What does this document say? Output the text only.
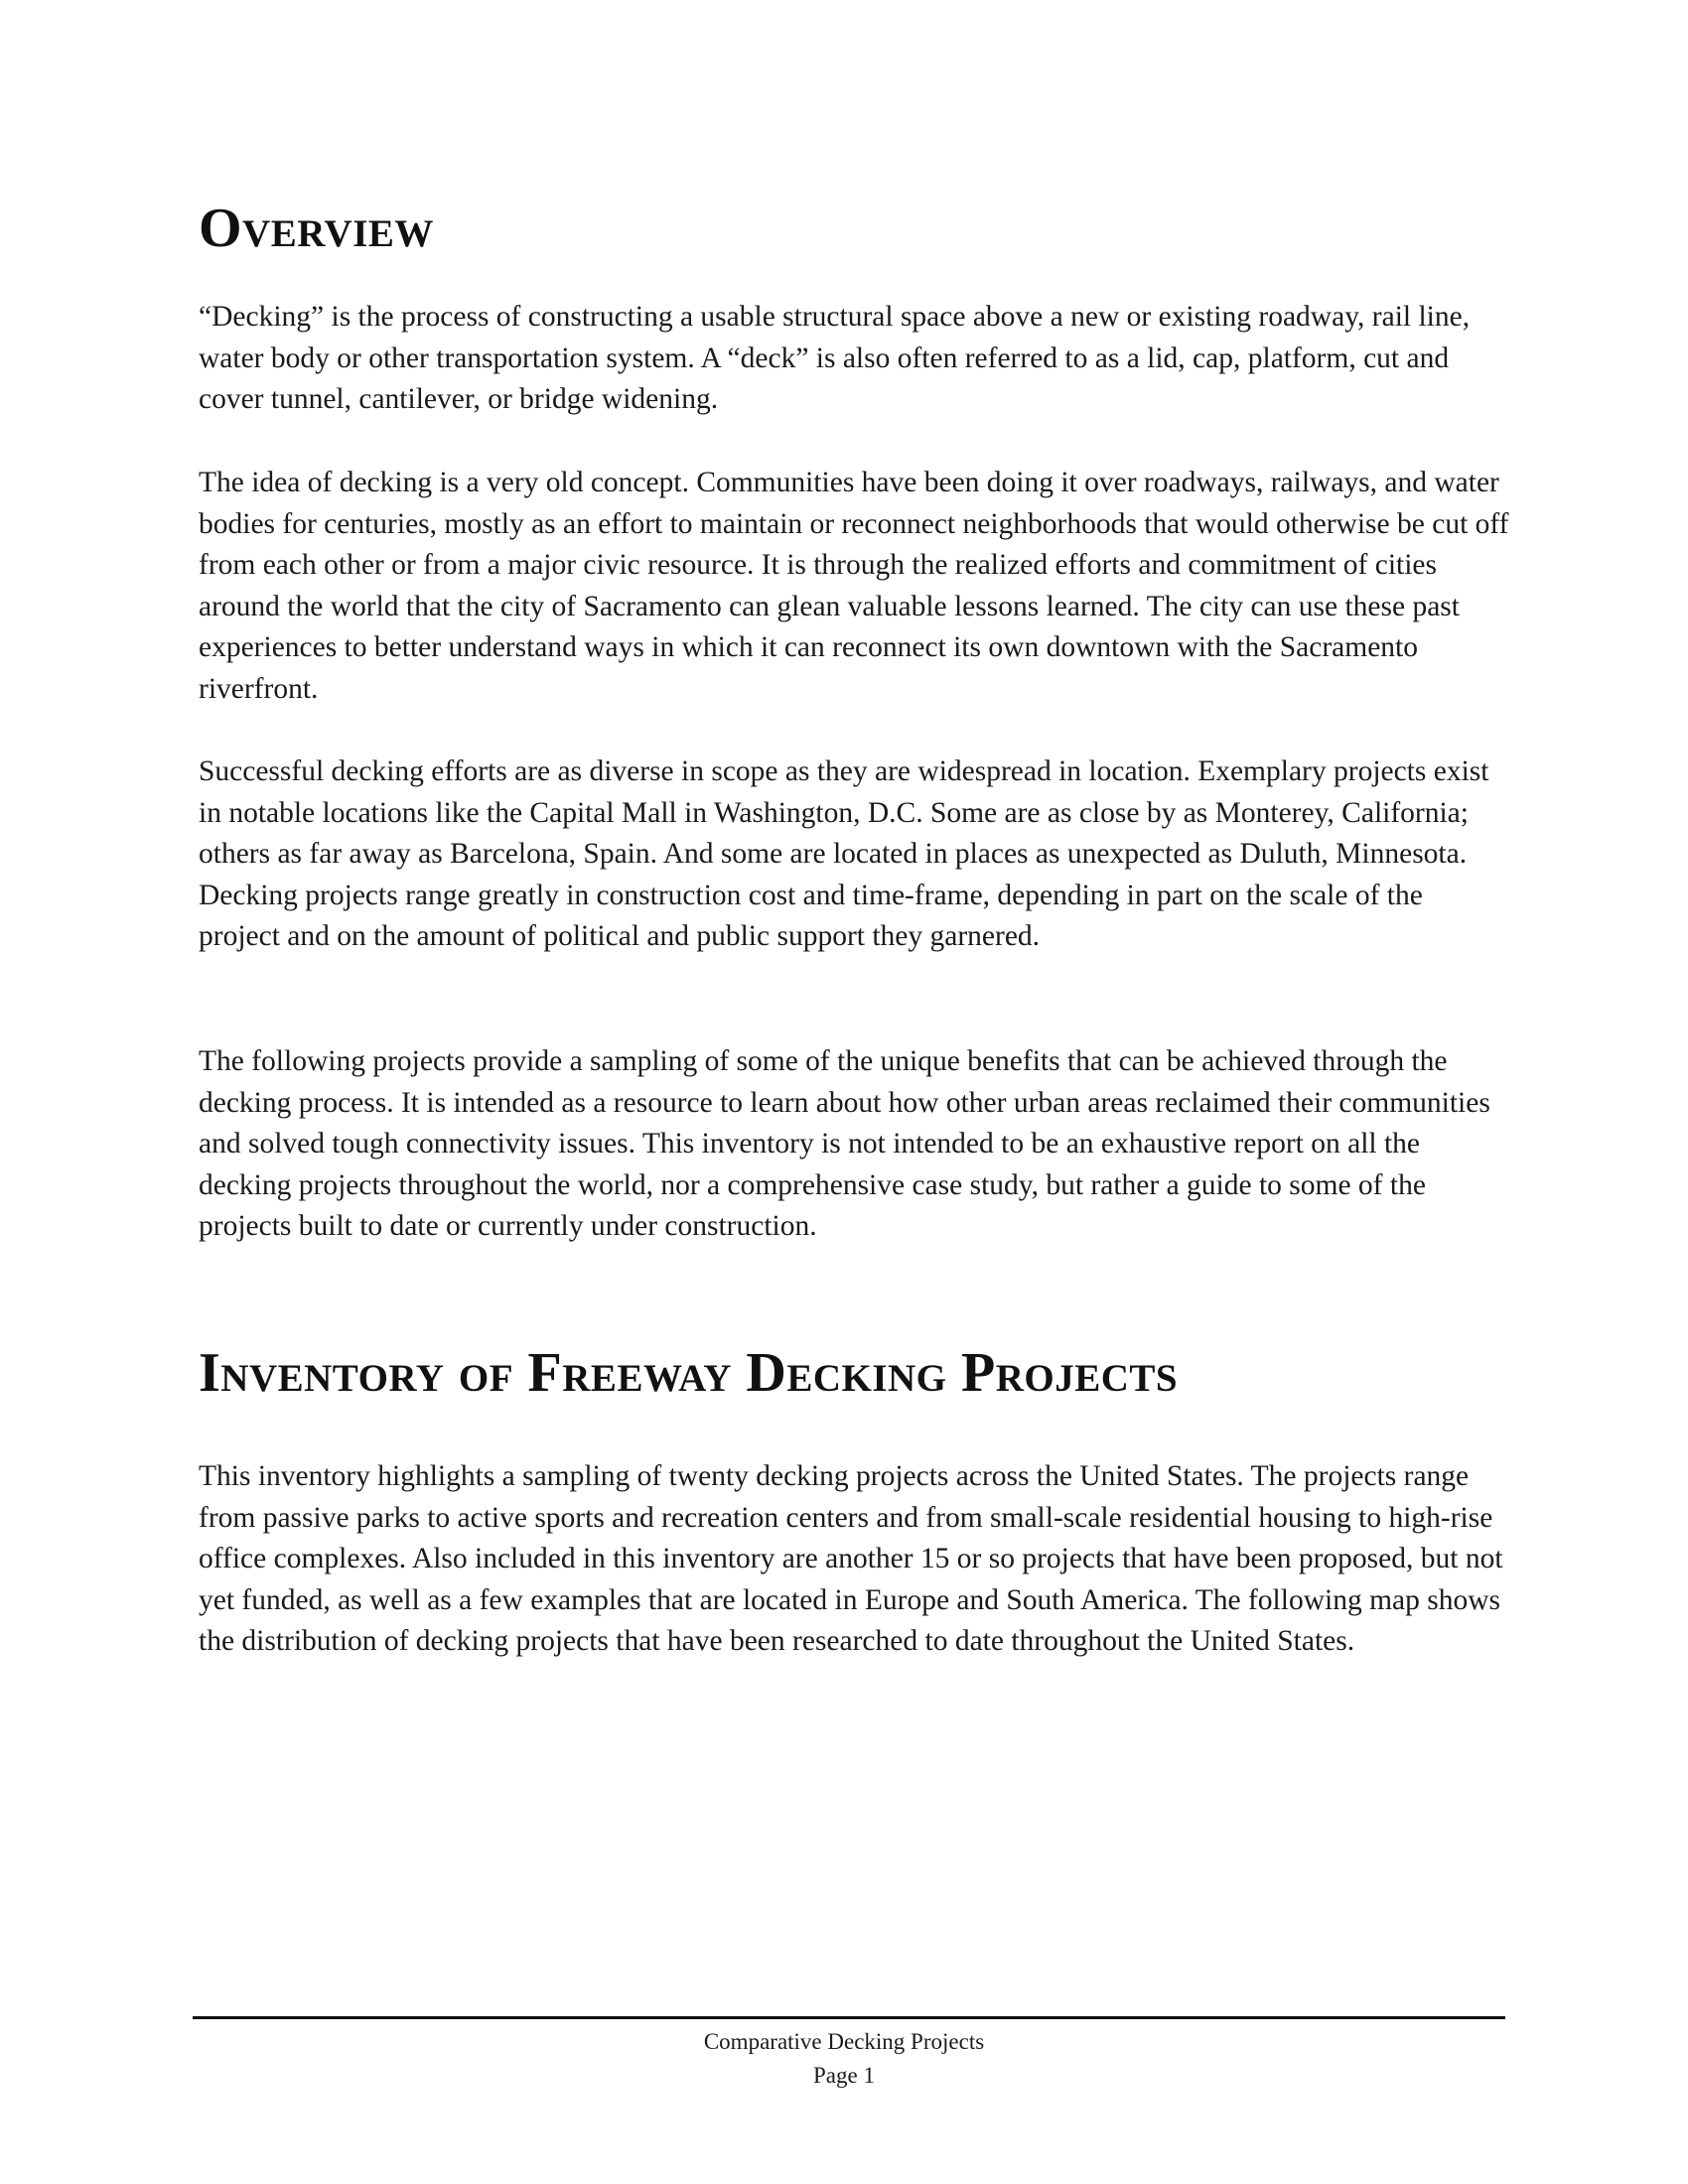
Overview

“Decking” is the process of constructing a usable structural space above a new or existing roadway, rail line, water body or other transportation system. A “deck” is also often referred to as a lid, cap, platform, cut and cover tunnel, cantilever, or bridge widening.

The idea of decking is a very old concept. Communities have been doing it over roadways, railways, and water bodies for centuries, mostly as an effort to maintain or reconnect neighborhoods that would otherwise be cut off from each other or from a major civic resource. It is through the realized efforts and commitment of cities around the world that the city of Sacramento can glean valuable lessons learned. The city can use these past experiences to better understand ways in which it can reconnect its own downtown with the Sacramento riverfront.

Successful decking efforts are as diverse in scope as they are widespread in location. Exemplary projects exist in notable locations like the Capital Mall in Washington, D.C. Some are as close by as Monterey, California; others as far away as Barcelona, Spain. And some are located in places as unexpected as Duluth, Minnesota. Decking projects range greatly in construction cost and time-frame, depending in part on the scale of the project and on the amount of political and public support they garnered.

The following projects provide a sampling of some of the unique benefits that can be achieved through the decking process. It is intended as a resource to learn about how other urban areas reclaimed their communities and solved tough connectivity issues. This inventory is not intended to be an exhaustive report on all the decking projects throughout the world, nor a comprehensive case study, but rather a guide to some of the projects built to date or currently under construction.

Inventory of Freeway Decking Projects

This inventory highlights a sampling of twenty decking projects across the United States. The projects range from passive parks to active sports and recreation centers and from small-scale residential housing to high-rise office complexes. Also included in this inventory are another 15 or so projects that have been proposed, but not yet funded, as well as a few examples that are located in Europe and South America. The following map shows the distribution of decking projects that have been researched to date throughout the United States.

Comparative Decking Projects
Page 1
